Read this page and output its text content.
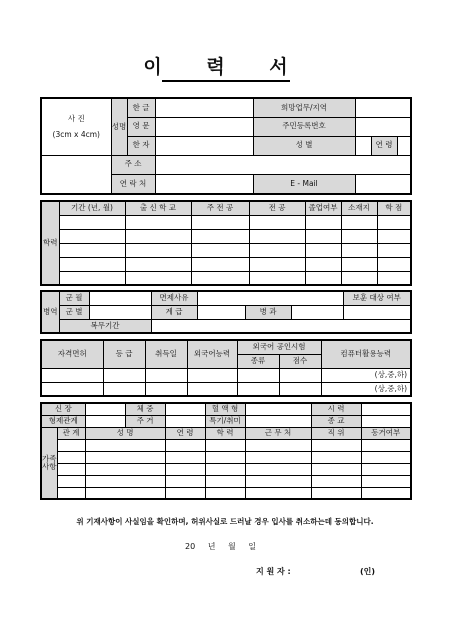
이 력 서
사 진
(3cm x 4cm)	성명	한 글		희망업무/지역			
		영 문		주민등록번호			
		한 자		성 별		연 령	
	주 소						
	연 락 처			E - Mail			
학력	기간 (년, 월)	출 신 학 교	주 전 공	전 공	졸업여부	소재지	학 점

병역	군 필		면제사유				보훈 대상 여부
	군 별		계 급		병 과		
	복무기간						
자격면허	등 급	취득일	외국어능력	외국어 공인시험		컴퓨터활용능력
				종류	점수	
						(상,중,하)
						(상,중,하)
신 장			체 중		혈 액 형		시 력	
형제관계			주 거		특기/취미		종 교	
가족사항	관 계	성 명		연 령	학 력	근 무 처	직 위	동거여부

위 기재사항이 사실임을 확인하며, 허위사실로 드러날 경우 입사를 취소하는데 동의합니다.
20 년 월 일
지 원 자 :	(인)
